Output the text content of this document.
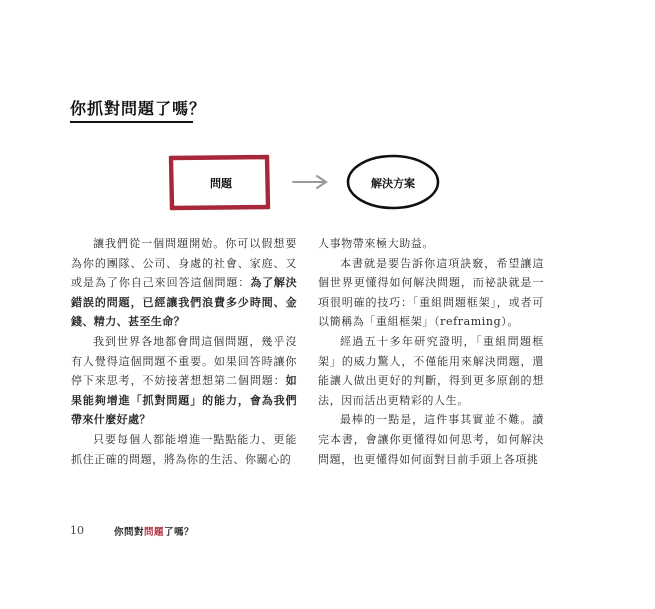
你抓對問題了嗎？
問題	解決方案

讓我們從一個問題開始。你可以假想要為你的團隊、公司、身處的社會、家庭、又或是為了你自己來回答這個問題：為了解決錯誤的問題，已經讓我們浪費多少時間、金錢、精力、甚至生命？

我到世界各地都會問這個問題，幾乎沒有人覺得這個問題不重要。如果回答時讓你停下來思考，不妨接著想想第二個問題：如果能夠增進「抓對問題」的能力，會為我們帶來什麼好處？

只要每個人都能增進一點點能力、更能抓住正確的問題，將為你的生活、你關心的

人事物帶來極大助益。

本書就是要告訴你這項訣竅，希望讓這個世界更懂得如何解決問題，而祕訣就是一項很明確的技巧：「重組問題框架」，或者可以簡稱為「重組框架」（reframing）。

經過五十多年研究證明，「重組問題框架」的威力驚人，不僅能用來解決問題，還能讓人做出更好的判斷，得到更多原創的想法，因而活出更精彩的人生。

最棒的一點是，這件事其實並不難。讀完本書，會讓你更懂得如何思考，如何解決問題，也更懂得如何面對目前手頭上各項挑

10	你問對問題了嗎？
